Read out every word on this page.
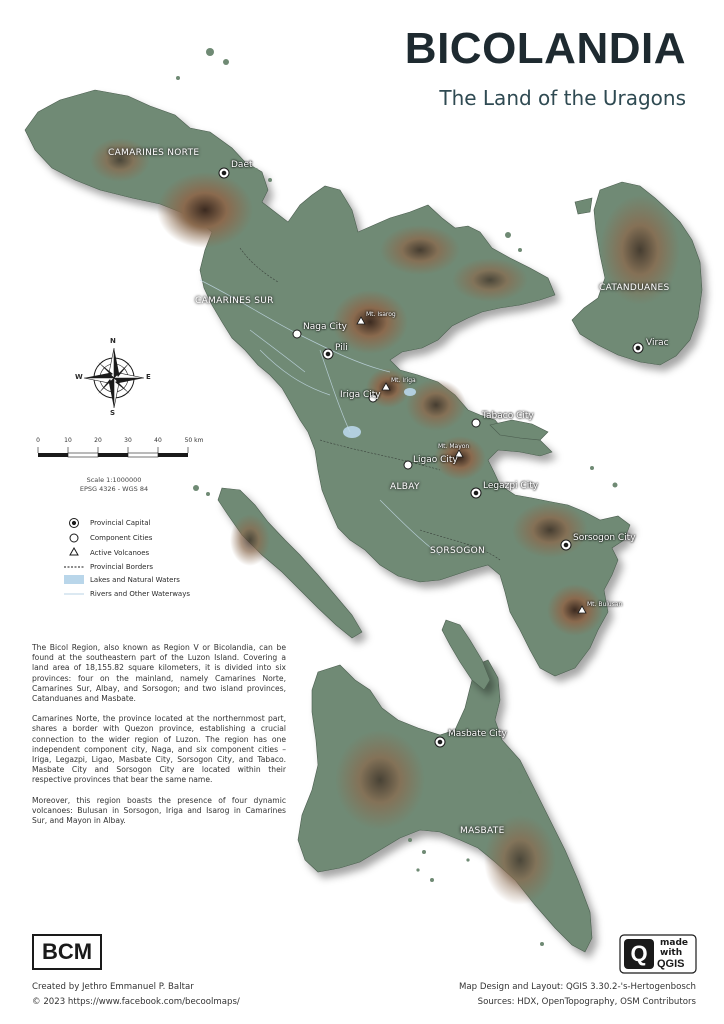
BICOLANDIA
The Land of the Uragons
CAMARINES NORTE
CAMARINES SUR
CATANDUANES
ALBAY
SORSOGON
MASBATE
Daet
Naga City
Pili
Iriga City
Tabaco City
Ligao City
Legazpi City
Sorsogon City
Virac
Masbate City
Mt. Isarog
Mt. Iriga
Mt. Mayon
Mt. Bulusan
N
S
E
W
0	10	20	30	40	50 km
Scale 1:1000000
EPSG 4326 - WGS 84
Provincial Capital
Component Cities
Active Volcanoes
Provincial Borders
Lakes and Natural Waters
Rivers and Other Waterways

The Bicol Region, also known as Region V or Bicolandia, can be found at the southeastern part of the Luzon Island. Covering a land area of 18,155.82 square kilometers, it is divided into six provinces: four on the mainland, namely Camarines Norte, Camarines Sur, Albay, and Sorsogon; and two island provinces, Catanduanes and Masbate.

Camarines Norte, the province located at the northernmost part, shares a border with Quezon province, establishing a crucial connection to the wider region of Luzon. The region has one independent component city, Naga, and six component cities – Iriga, Legazpi, Ligao, Masbate City, Sorsogon City, and Tabaco. Masbate City and Sorsogon City are located within their respective provinces that bear the same name.

Moreover, this region boasts the presence of four dynamic volcanoes: Bulusan in Sorsogon, Iriga and Isarog in Camarines Sur, and Mayon in Albay.

BCM
Created by Jethro Emmanuel P. Baltar
© 2023 https://www.facebook.com/becoolmaps/
Map Design and Layout: QGIS 3.30.2-'s-Hertogenbosch
Sources: HDX, OpenTopography, OSM Contributors
Q made
with
QGIS
